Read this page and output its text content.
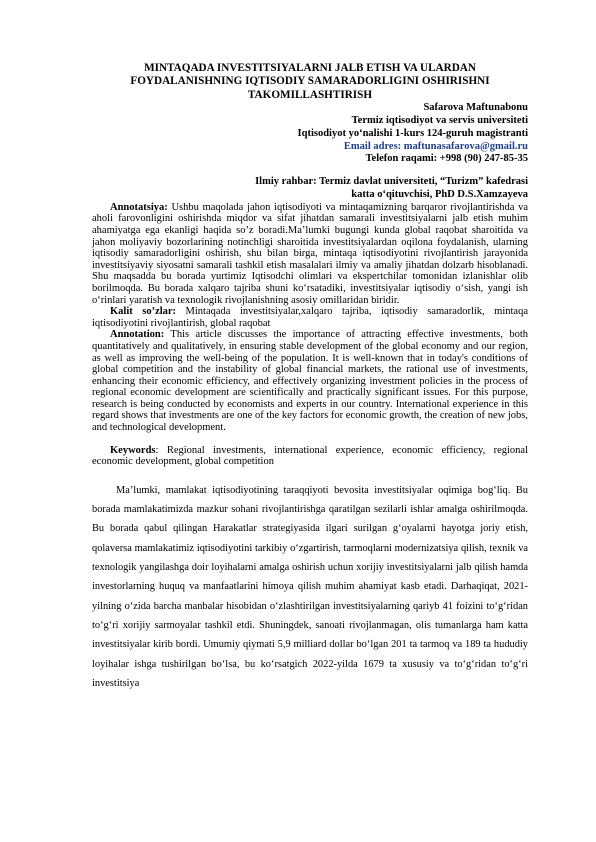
MINTAQADA INVESTITSIYALARNI JALB ETISH VA ULARDAN FOYDALANISHNING IQTISODIY SAMARADORLIGINI OSHIRISHNI TAKOMILLASHTIRISH

Safarova Maftunabonu

Termiz iqtisodiyot va servis universiteti

Iqtisodiyot yo‘nalishi 1-kurs 124-guruh magistranti

Email adres: maftunasafarova@gmail.ru

Telefon raqami: +998 (90) 247-85-35

Ilmiy rahbar: Termiz davlat universiteti, “Turizm” kafedrasi

katta o‘qituvchisi, PhD D.S.Xamzayeva

Annotatsiya: Ushbu maqolada jahon iqtisodiyoti va mintaqamizning barqaror rivojlantirishda va aholi farovonligini oshirishda miqdor va sifat jihatdan samarali investitsiyalarni jalb etish muhim ahamiyatga ega ekanligi haqida so’z boradi.Ma’lumki bugungi kunda global raqobat sharoitida va jahon moliyaviy bozorlarining notinchligi sharoitida investitsiyalardan oqilona foydalanish, ularning iqtisodiy samaradorligini oshirish, shu bilan birga, mintaqa iqtisodiyotini rivojlantirish jarayonida investitsiyaviy siyosatni samarali tashkil etish masalalari ilmiy va amaliy jihatdan dolzarb hisoblanadi. Shu maqsadda bu borada yurtimiz Iqtisodchi olimlari va ekspertchilar tomonidan izlanishlar olib borilmoqda. Bu borada xalqaro tajriba shuni ko‘rsatadiki, investitsiyalar iqtisodiy o‘sish, yangi ish o‘rinlari yaratish va texnologik rivojlanishning asosiy omillaridan biridir.

Kalit so’zlar: Mintaqada investitsiyalar,xalqaro tajriba, iqtisodiy samaradorlik, mintaqa iqtisodiyotini rivojlantirish, global raqobat

Annotation: This article discusses the importance of attracting effective investments, both quantitatively and qualitatively, in ensuring stable development of the global economy and our region, as well as improving the well-being of the population. It is well-known that in today's conditions of global competition and the instability of global financial markets, the rational use of investments, enhancing their economic efficiency, and effectively organizing investment policies in the process of regional economic development are scientifically and practically significant issues. For this purpose, research is being conducted by economists and experts in our country. International experience in this regard shows that investments are one of the key factors for economic growth, the creation of new jobs, and technological development.

Keywords: Regional investments, international experience, economic efficiency, regional economic development, global competition

Ma’lumki, mamlakat iqtisodiyotining taraqqiyoti bevosita investitsiyalar oqimiga bog‘liq. Bu borada mamlakatimizda mazkur sohani rivojlantirishga qaratilgan sezilarli ishlar amalga oshirilmoqda. Bu borada qabul qilingan Harakatlar strategiyasida ilgari surilgan g‘oyalarni hayotga joriy etish, qolaversa mamlakatimiz iqtisodiyotini tarkibiy o‘zgartirish, tarmoqlarni modernizatsiya qilish, texnik va texnologik yangilashga doir loyihalarni amalga oshirish uchun xorijiy investitsiyalarni jalb qilish hamda investorlarning huquq va manfaatlarini himoya qilish muhim ahamiyat kasb etadi. Darhaqiqat, 2021-yilning o‘zida barcha manbalar hisobidan o‘zlashtirilgan investitsiyalarning qariyb 41 foizini to‘g‘ridan to‘g‘ri xorijiy sarmoyalar tashkil etdi. Shuningdek, sanoati rivojlanmagan, olis tumanlarga ham katta investitsiyalar kirib bordi. Umumiy qiymati 5,9 milliard dollar bo‘lgan 201 ta tarmoq va 189 ta hududiy loyihalar ishga tushirilgan bo‘lsa, bu ko‘rsatgich 2022-yilda 1679 ta xususiy va to‘g‘ridan to‘g‘ri investitsiya
